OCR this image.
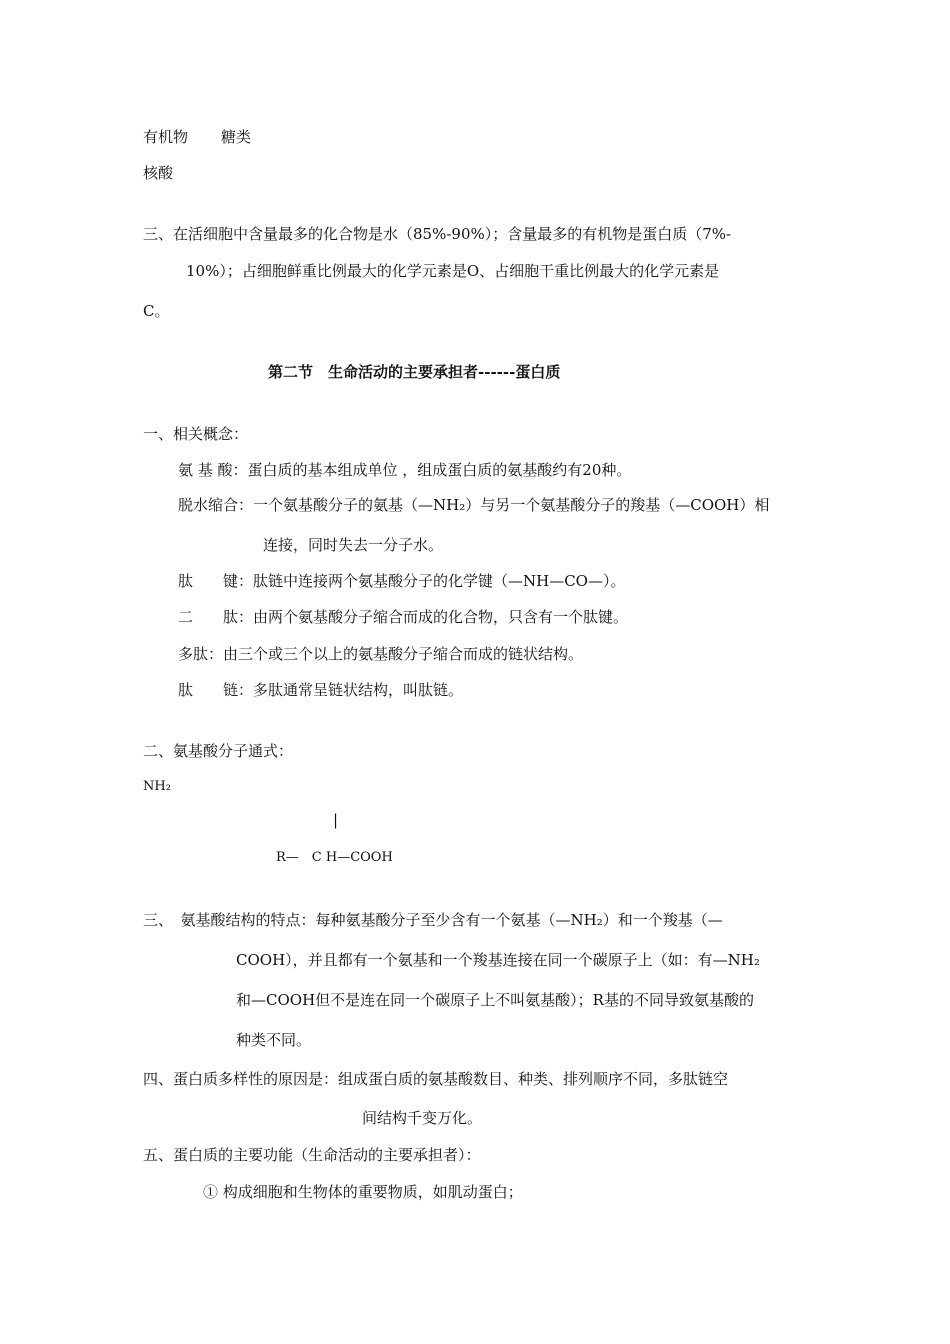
有机物 糖类
核酸
三、在活细胞中含量最多的化合物是水（85%-90%）；含量最多的有机物是蛋白质（7%-
10%）；占细胞鲜重比例最大的化学元素是O、占细胞干重比例最大的化学元素是
C。
第二节　生命活动的主要承担者------蛋白质
一、相关概念：
氨 基 酸：蛋白质的基本组成单位 ，组成蛋白质的氨基酸约有20种。
脱水缩合：一个氨基酸分子的氨基（—NH₂）与另一个氨基酸分子的羧基（—COOH）相
连接，同时失去一分子水。
肽　　键：肽链中连接两个氨基酸分子的化学键（—NH—CO—）。
二　　肽：由两个氨基酸分子缩合而成的化合物，只含有一个肽键。
多肽：由三个或三个以上的氨基酸分子缩合而成的链状结构。
肽　　链：多肽通常呈链状结构，叫肽链。
二、氨基酸分子通式：
NH₂
|
R—　C H—COOH
三、　氨基酸结构的特点：每种氨基酸分子至少含有一个氨基（—NH₂）和一个羧基（—
COOH），并且都有一个氨基和一个羧基连接在同一个碳原子上（如：有—NH₂
和—COOH但不是连在同一个碳原子上不叫氨基酸）；R基的不同导致氨基酸的
种类不同。
四、蛋白质多样性的原因是：组成蛋白质的氨基酸数目、种类、排列顺序不同，多肽链空
间结构千变万化。
五、蛋白质的主要功能（生命活动的主要承担者）：
① 构成细胞和生物体的重要物质，如肌动蛋白；
